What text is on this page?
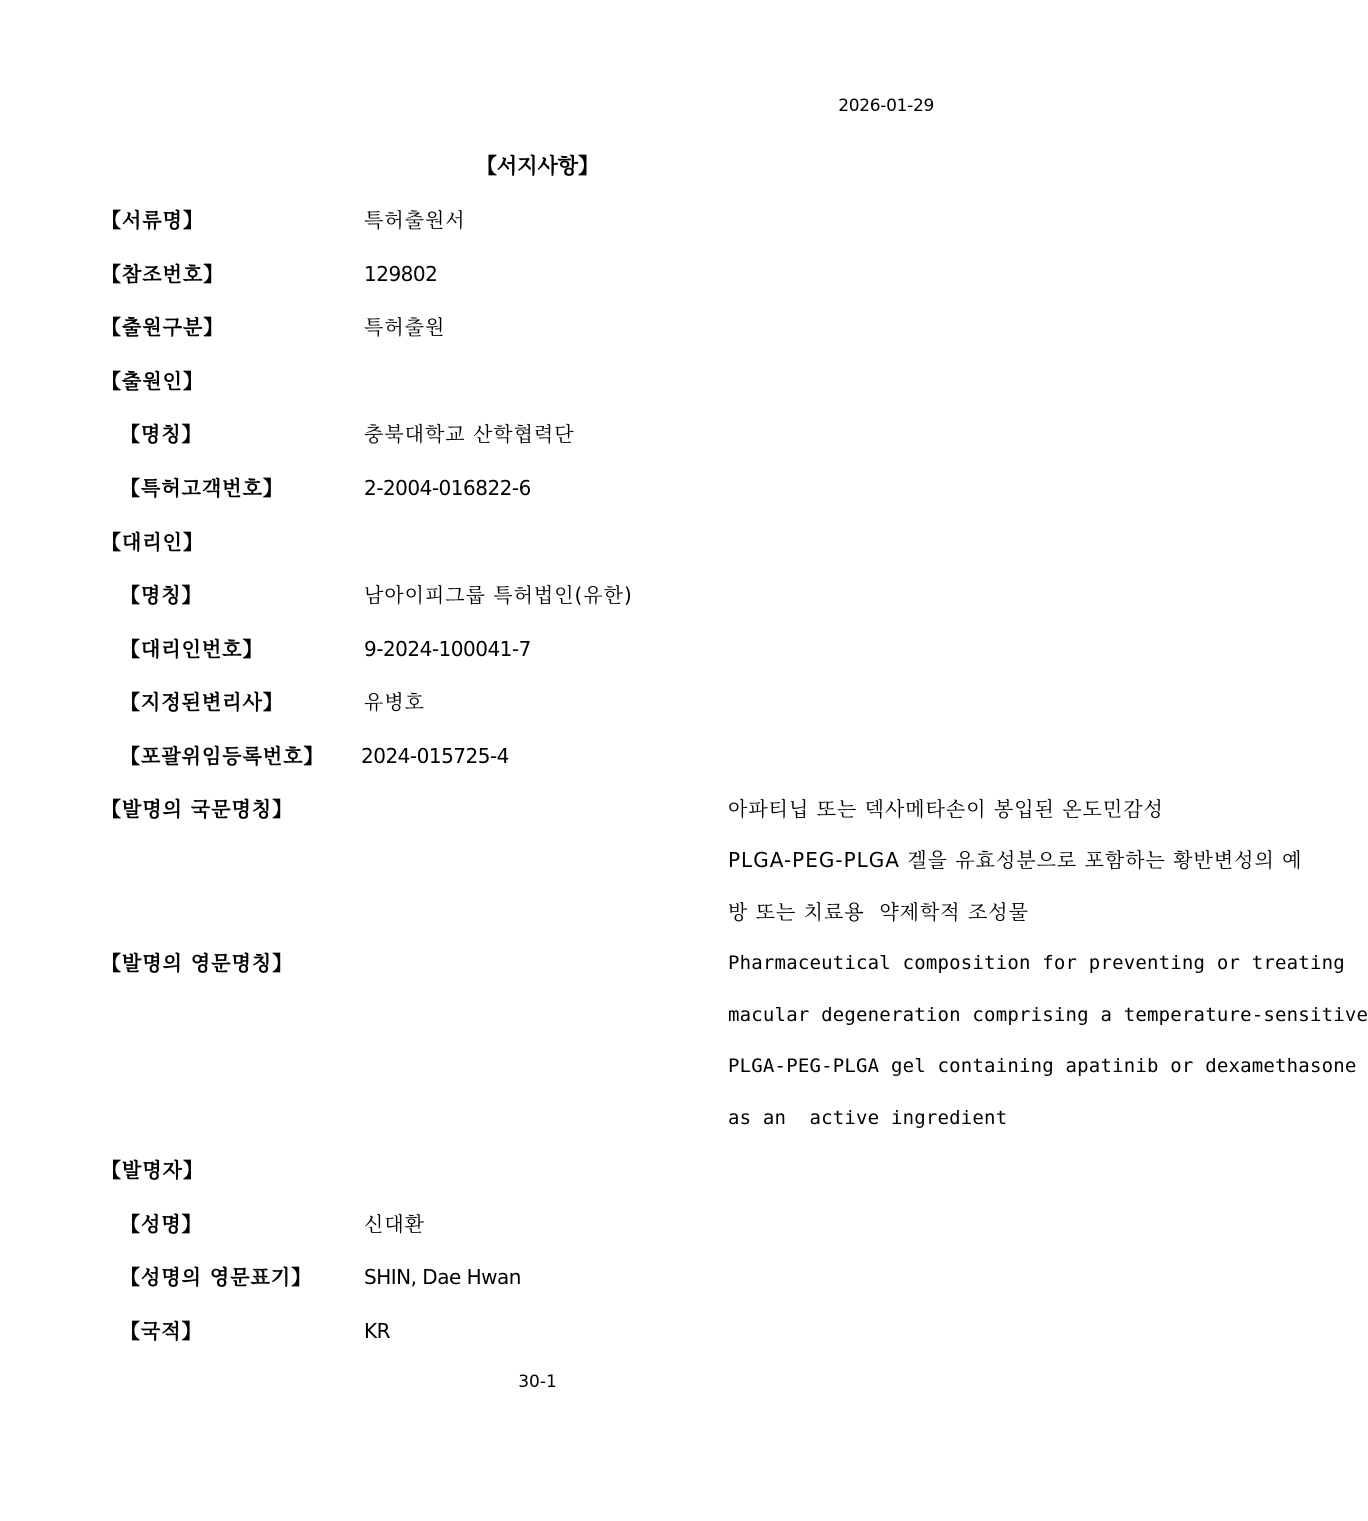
2026-01-29
【서지사항】
【서류명】	특허출원서
【참조번호】	129802
【출원구분】	특허출원
【출원인】
【명칭】	충북대학교 산학협력단
【특허고객번호】	2-2004-016822-6
【대리인】
【명칭】	남아이피그룹 특허법인(유한)
【대리인번호】	9-2024-100041-7
【지정된변리사】	유병호
【포괄위임등록번호】 2024-015725-4
【발명의 국문명칭】	아파티닙 또는 덱사메타손이 봉입된 온도민감성
PLGA-PEG-PLGA 겔을 유효성분으로 포함하는 황반변성의 예
방 또는 치료용  약제학적 조성물
【발명의 영문명칭】	Pharmaceutical composition for preventing or treating
macular degeneration comprising a temperature-sensitive
PLGA-PEG-PLGA gel containing apatinib or dexamethasone
as an  active ingredient
【발명자】
【성명】	신대환
【성명의 영문표기】	SHIN, Dae Hwan
【국적】	KR
30-1
